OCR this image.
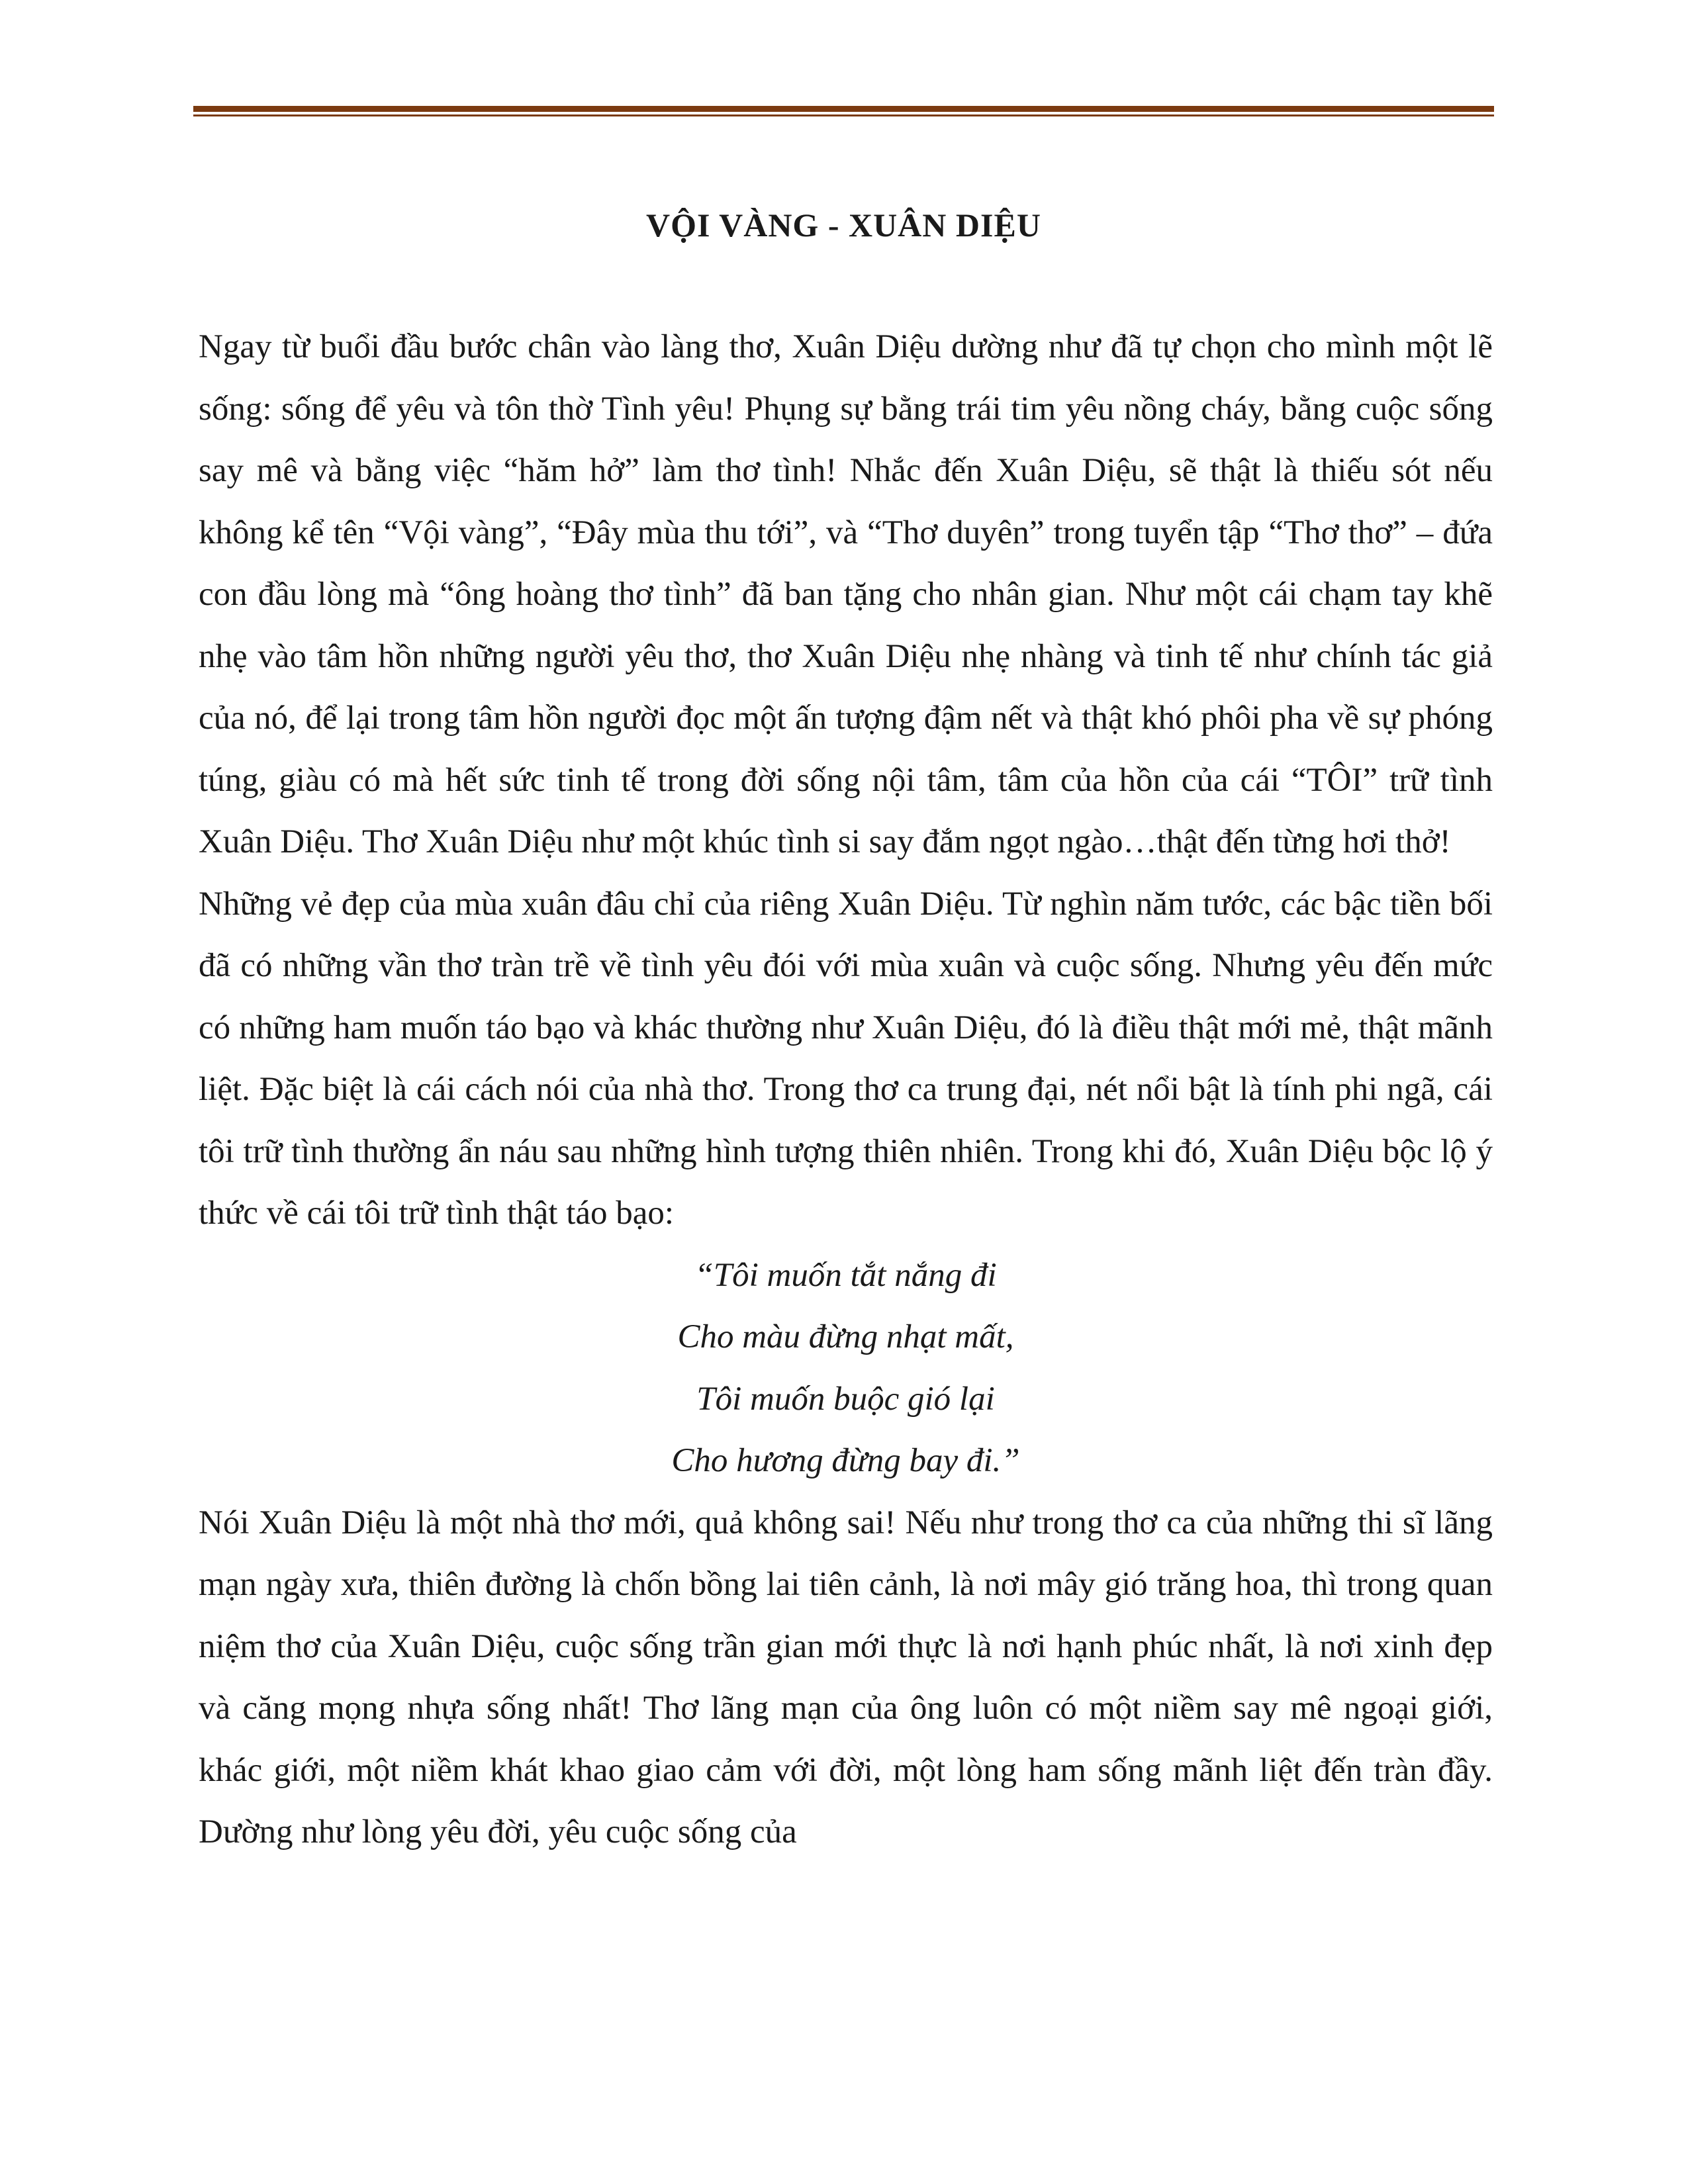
VỘI VÀNG - XUÂN DIỆU

Ngay từ buổi đầu bước chân vào làng thơ, Xuân Diệu dường như đã tự chọn cho mình một lẽ sống: sống để yêu và tôn thờ Tình yêu! Phụng sự bằng trái tim yêu nồng cháy, bằng cuộc sống say mê và bằng việc “hăm hở” làm thơ tình! Nhắc đến Xuân Diệu, sẽ thật là thiếu sót nếu không kể tên “Vội vàng”, “Đây mùa thu tới”, và “Thơ duyên” trong tuyển tập “Thơ thơ” – đứa con đầu lòng mà “ông hoàng thơ tình” đã ban tặng cho nhân gian. Như một cái chạm tay khẽ nhẹ vào tâm hồn những người yêu thơ, thơ Xuân Diệu nhẹ nhàng và tinh tế như chính tác giả của nó, để lại trong tâm hồn người đọc một ấn tượng đậm nết và thật khó phôi pha về sự phóng túng, giàu có mà hết sức tinh tế trong đời sống nội tâm, tâm của hồn của cái “TÔI” trữ tình Xuân Diệu. Thơ Xuân Diệu như một khúc tình si say đắm ngọt ngào…thật đến từng hơi thở!

Những vẻ đẹp của mùa xuân đâu chỉ của riêng Xuân Diệu. Từ nghìn năm tước, các bậc tiền bối đã có những vần thơ tràn trề về tình yêu đói với mùa xuân và cuộc sống. Nhưng yêu đến mức có những ham muốn táo bạo và khác thường như Xuân Diệu, đó là điều thật mới mẻ, thật mãnh liệt. Đặc biệt là cái cách nói của nhà thơ. Trong thơ ca trung đại, nét nổi bật là tính phi ngã, cái tôi trữ tình thường ẩn náu sau những hình tượng thiên nhiên. Trong khi đó, Xuân Diệu bộc lộ ý thức về cái tôi trữ tình thật táo bạo:

“Tôi muốn tắt nắng đi
Cho màu đừng nhạt mất,
Tôi muốn buộc gió lại
Cho hương đừng bay đi.”

Nói Xuân Diệu là một nhà thơ mới, quả không sai! Nếu như trong thơ ca của những thi sĩ lãng mạn ngày xưa, thiên đường là chốn bồng lai tiên cảnh, là nơi mây gió trăng hoa, thì trong quan niệm thơ của Xuân Diệu, cuộc sống trần gian mới thực là nơi hạnh phúc nhất, là nơi xinh đẹp và căng mọng nhựa sống nhất! Thơ lãng mạn của ông luôn có một niềm say mê ngoại giới, khác giới, một niềm khát khao giao cảm với đời, một lòng ham sống mãnh liệt đến tràn đầy. Dường như lòng yêu đời, yêu cuộc sống của
